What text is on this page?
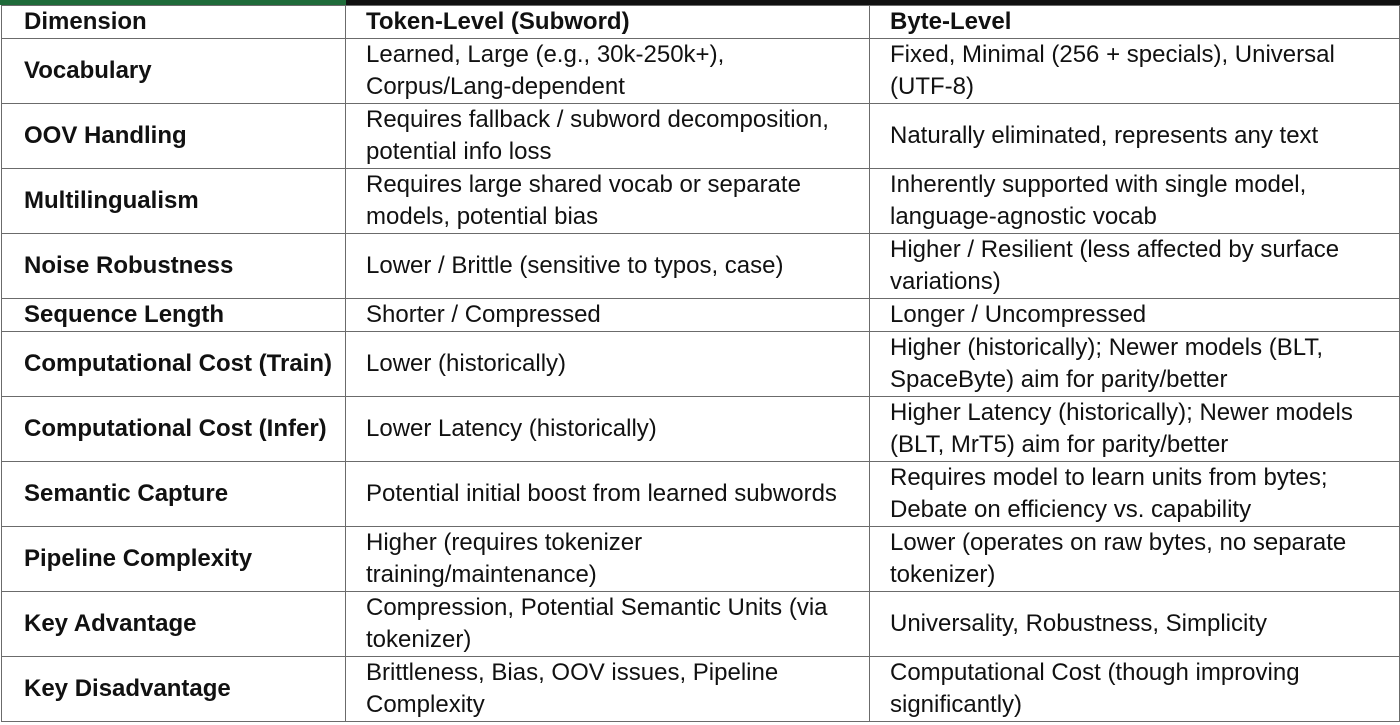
Dimension	Token-Level (Subword)	Byte-Level
Vocabulary	Learned, Large (e.g., 30k-250k+), Corpus/Lang-dependent	Fixed, Minimal (256 + specials), Universal (UTF-8)
OOV Handling	Requires fallback / subword decomposition, potential info loss	Naturally eliminated, represents any text
Multilingualism	Requires large shared vocab or separate models, potential bias	Inherently supported with single model, language-agnostic vocab
Noise Robustness	Lower / Brittle (sensitive to typos, case)	Higher / Resilient (less affected by surface variations)
Sequence Length	Shorter / Compressed	Longer / Uncompressed
Computational Cost (Train)	Lower (historically)	Higher (historically); Newer models (BLT, SpaceByte) aim for parity/better
Computational Cost (Infer)	Lower Latency (historically)	Higher Latency (historically); Newer models (BLT, MrT5) aim for parity/better
Semantic Capture	Potential initial boost from learned subwords	Requires model to learn units from bytes; Debate on efficiency vs. capability
Pipeline Complexity	Higher (requires tokenizer training/maintenance)	Lower (operates on raw bytes, no separate tokenizer)
Key Advantage	Compression, Potential Semantic Units (via tokenizer)	Universality, Robustness, Simplicity
Key Disadvantage	Brittleness, Bias, OOV issues, Pipeline Complexity	Computational Cost (though improving significantly)
